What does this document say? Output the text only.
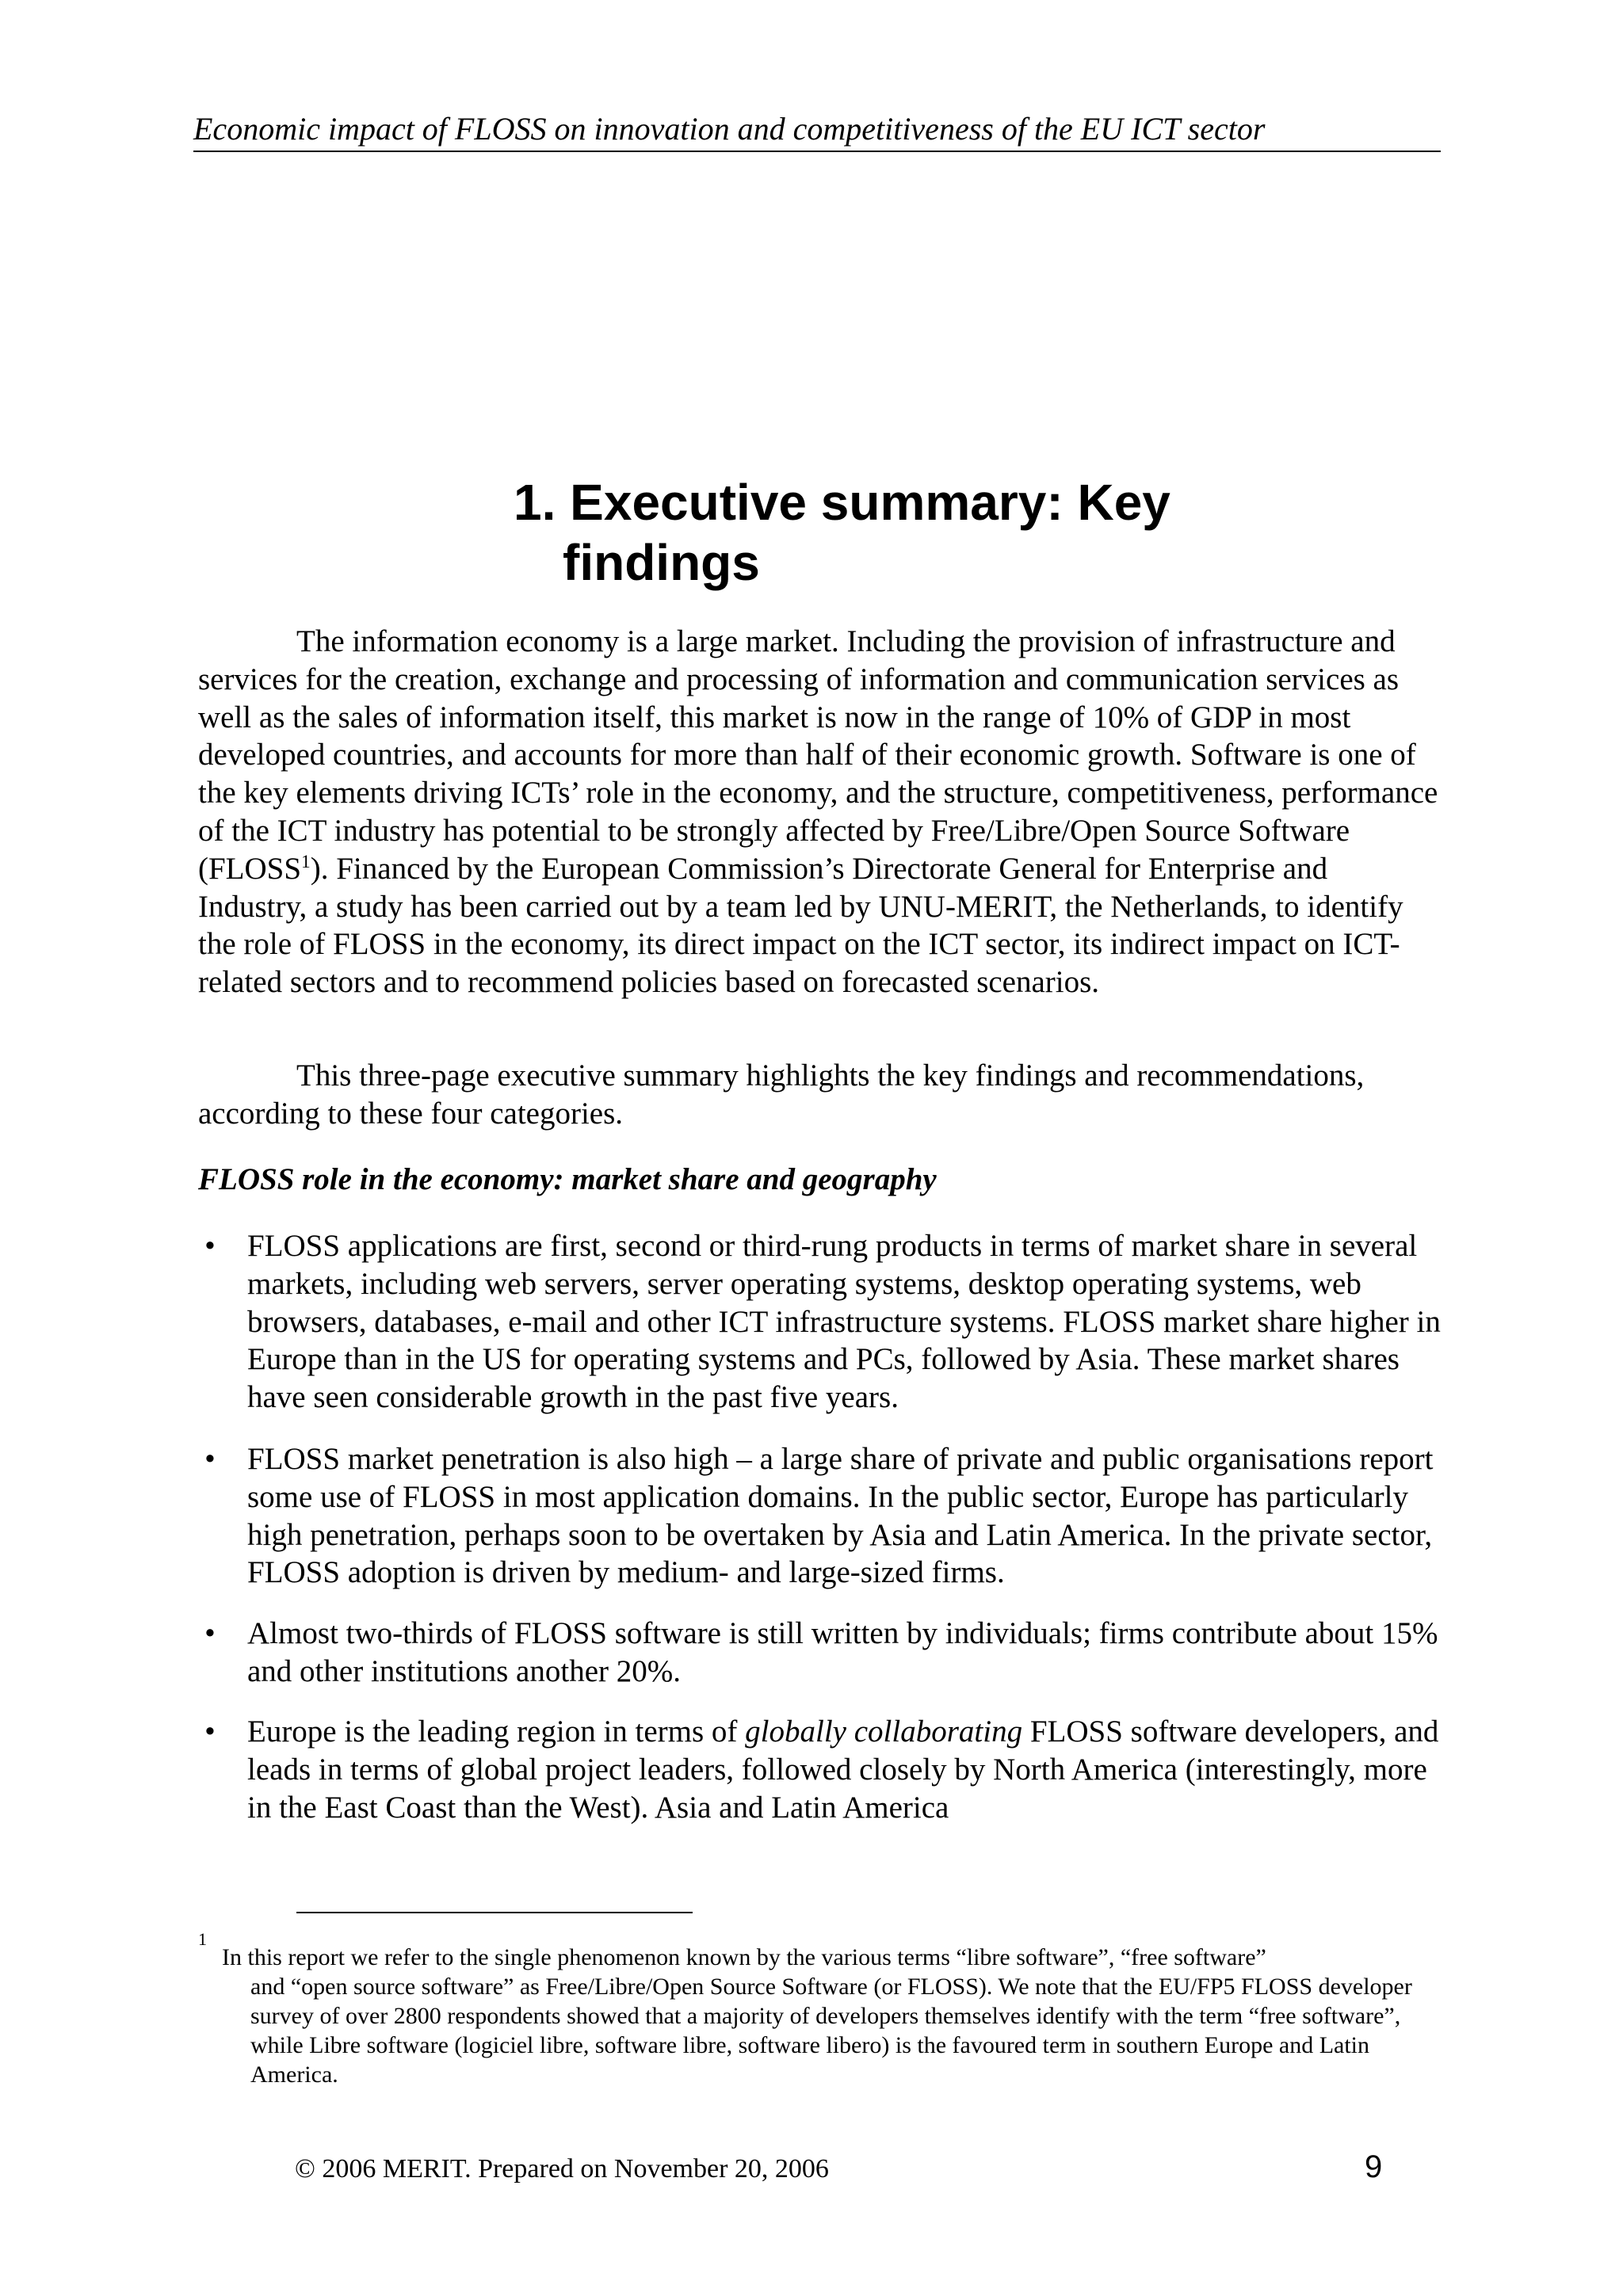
Economic impact of FLOSS on innovation and competitiveness of the EU ICT sector
1. Executive summary: Key
findings

The information economy is a large market. Including the provision of infrastructure and services for the creation, exchange and processing of information and communication services as well as the sales of information itself, this market is now in the range of 10% of GDP in most developed countries, and accounts for more than half of their economic growth. Software is one of the key elements driving ICTs’ role in the economy, and the structure, competitiveness, performance of the ICT industry has potential to be strongly affected by Free/Libre/Open Source Software (FLOSS$^1$). Financed by the European Commission’s Directorate General for Enterprise and Industry, a study has been carried out by a team led by UNU-MERIT, the Netherlands, to identify the role of FLOSS in the economy, its direct impact on the ICT sector, its indirect impact on ICT-related sectors and to recommend policies based on forecasted scenarios.

This three-page executive summary highlights the key findings and recommendations, according to these four categories.

FLOSS role in the economy: market share and geography

• FLOSS applications are first, second or third-rung products in terms of market share in several markets, including web servers, server operating systems, desktop operating systems, web browsers, databases, e-mail and other ICT infrastructure systems. FLOSS market share higher in Europe than in the US for operating systems and PCs, followed by Asia. These market shares have seen considerable growth in the past five years.
• FLOSS market penetration is also high – a large share of private and public organisations report some use of FLOSS in most application domains. In the public sector, Europe has particularly high penetration, perhaps soon to be overtaken by Asia and Latin America. In the private sector, FLOSS adoption is driven by medium- and large-sized firms.
• Almost two-thirds of FLOSS software is still written by individuals; firms contribute about 15% and other institutions another 20%.
• Europe is the leading region in terms of globally collaborating FLOSS software developers, and leads in terms of global project leaders, followed closely by North America (interestingly, more in the East Coast than the West). Asia and Latin America
1
In this report we refer to the single phenomenon known by the various terms “libre software”, “free software”
and “open source software” as Free/Libre/Open Source Software (or FLOSS). We note that the EU/FP5 FLOSS developer survey of over 2800 respondents showed that a majority of developers themselves identify with the term “free software”, while Libre software (logiciel libre, software libre, software libero) is the favoured term in southern Europe and Latin America.
© 2006 MERIT. Prepared on November 20, 2006	9
